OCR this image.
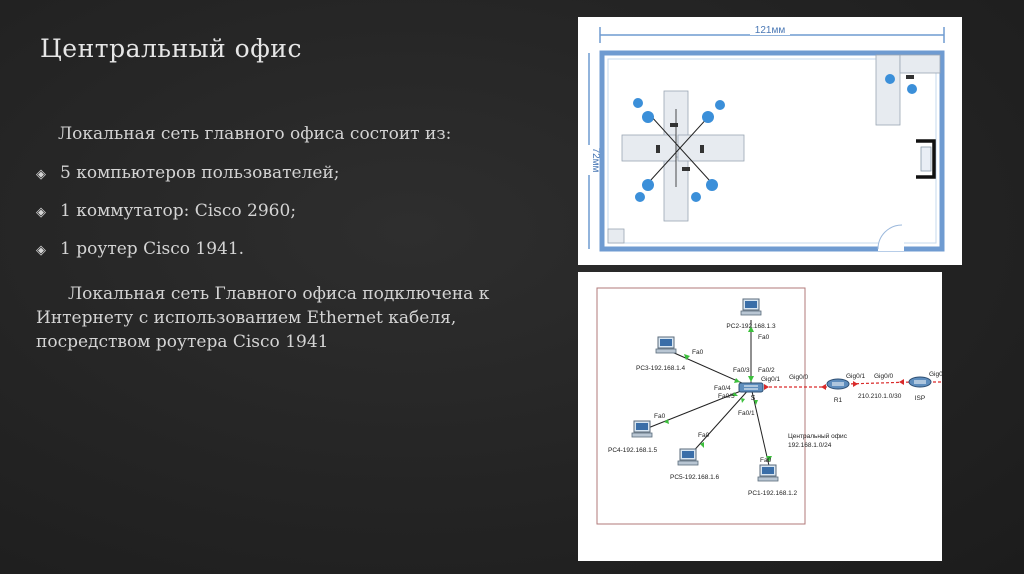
Центральный офис
Локальная сеть главного офиса состоит из:
◈ 5 компьютеров пользователей;
◈ 1 коммутатор: Cisco 2960;
◈ 1 роутер Cisco 1941.
Локальная сеть Главного офиса подключена к Интернету с использованием Ethernet кабеля, посредством роутера Cisco 1941
121мм
72мм
PC2-192.168.1.3
Fa0
Fa0/2
Fa0/3
Fa0
PC3-192.168.1.4
Fa0/4
Fa0/5
Fa0
PC4-192.168.1.5
Fa0
PC5-192.168.1.6
Fa0/1
Fa0
PC1-192.168.1.2
S
Gig0/1 Gig0/0	Gig0/1 Gig0/0	Gig0
R1	ISP
210.210.1.0/30
Центральный офис
192.168.1.0/24
